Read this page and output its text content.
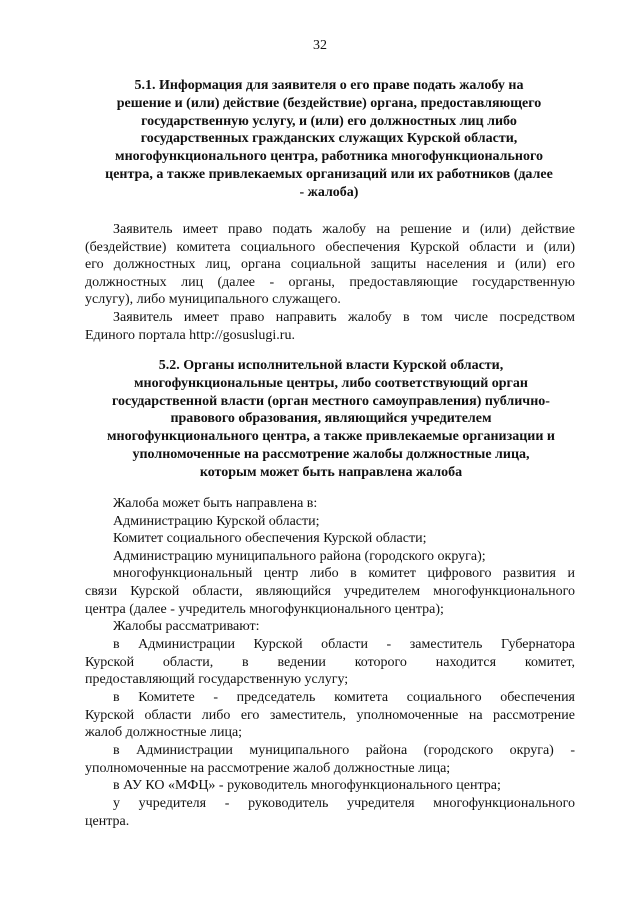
32
5.1. Информация для заявителя о его праве подать жалобу на
решение и (или) действие (бездействие) органа, предоставляющего
государственную услугу, и (или) его должностных лиц либо
государственных гражданских служащих Курской области,
многофункционального центра, работника многофункционального
центра, а также привлекаемых организаций или их работников (далее
- жалоба)
Заявитель имеет право подать жалобу на решение и (или) действие
(бездействие) комитета социального обеспечения Курской области и (или)
его должностных лиц, органа социальной защиты населения и (или) его
должностных лиц (далее - органы, предоставляющие государственную
услугу), либо муниципального служащего.
Заявитель имеет право направить жалобу в том числе посредством
Единого портала http://gosuslugi.ru.
5.2. Органы исполнительной власти Курской области,
многофункциональные центры, либо соответствующий орган
государственной власти (орган местного самоуправления) публично-
правового образования, являющийся учредителем
многофункционального центра, а также привлекаемые организации и
уполномоченные на рассмотрение жалобы должностные лица,
которым может быть направлена жалоба
Жалоба может быть направлена в:
Администрацию Курской области;
Комитет социального обеспечения Курской области;
Администрацию муниципального района (городского округа);
многофункциональный центр либо в комитет цифрового развития и
связи Курской области, являющийся учредителем многофункционального
центра (далее - учредитель многофункционального центра);
Жалобы рассматривают:
в Администрации Курской области - заместитель Губернатора
Курской области, в ведении которого находится комитет,
предоставляющий государственную услугу;
в Комитете - председатель комитета социального обеспечения
Курской области либо его заместитель, уполномоченные на рассмотрение
жалоб должностные лица;
в Администрации муниципального района (городского округа) -
уполномоченные на рассмотрение жалоб должностные лица;
в АУ КО «МФЦ» - руководитель многофункционального центра;
у учредителя - руководитель учредителя многофункционального
центра.
